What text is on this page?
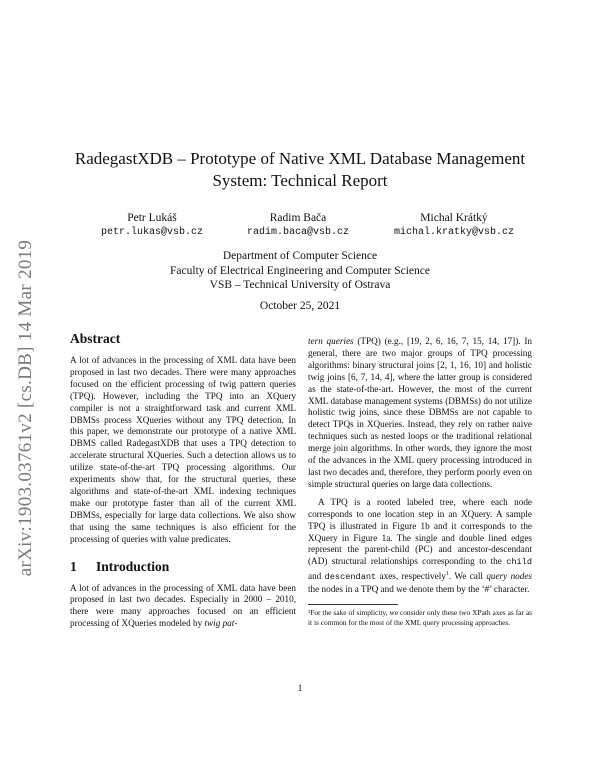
arXiv:1903.03761v2 [cs.DB] 14 Mar 2019
RadegastXDB – Prototype of Native XML Database Management
System: Technical Report
Petr Lukáš
petr.lukas@vsb.cz
Radim Bača
radim.baca@vsb.cz
Michal Krátký
michal.kratky@vsb.cz
Department of Computer Science
Faculty of Electrical Engineering and Computer Science
VSB – Technical University of Ostrava
October 25, 2021
Abstract

A lot of advances in the processing of XML data have been proposed in last two decades. There were many approaches focused on the efficient processing of twig pattern queries (TPQ). However, including the TPQ into an XQuery compiler is not a straightforward task and current XML DBMSs process XQueries without any TPQ detection. In this paper, we demonstrate our prototype of a native XML DBMS called RadegastXDB that uses a TPQ detection to accelerate structural XQueries. Such a detection allows us to utilize state-of-the-art TPQ processing algorithms. Our experiments show that, for the structural queries, these algorithms and state-of-the-art XML indexing techniques make our prototype faster than all of the current XML DBMSs, especially for large data collections. We also show that using the same techniques is also efficient for the processing of queries with value predicates.

1 Introduction

A lot of advances in the processing of XML data have been proposed in last two decades. Especially in 2000 – 2010, there were many approaches focused on an efficient processing of XQueries modeled by twig pat-

tern queries (TPQ) (e.g., [19, 2, 6, 16, 7, 15, 14, 17]). In general, there are two major groups of TPQ processing algorithms: binary structural joins [2, 1, 16, 10] and holistic twig joins [6, 7, 14, 4], where the latter group is considered as the state-of-the-art. However, the most of the current XML database management systems (DBMSs) do not utilize holistic twig joins, since these DBMSs are not capable to detect TPQs in XQueries. Instead, they rely on rather naive techniques such as nested loops or the traditional relational merge join algorithms. In other words, they ignore the most of the advances in the XML query processing introduced in last two decades and, therefore, they perform poorly even on simple structural queries on large data collections.

A TPQ is a rooted labeled tree, where each node corresponds to one location step in an XQuery. A sample TPQ is illustrated in Figure 1b and it corresponds to the XQuery in Figure 1a. The single and double lined edges represent the parent-child (PC) and ancestor-descendant (AD) structural relationships corresponding to the child and descendant axes, respectively$^1$. We call query nodes the nodes in a TPQ and we denote them by the ‘#’ character.

¹For the sake of simplicity, we consider only these two XPath axes as far as it is common for the most of the XML query processing approaches.

1
